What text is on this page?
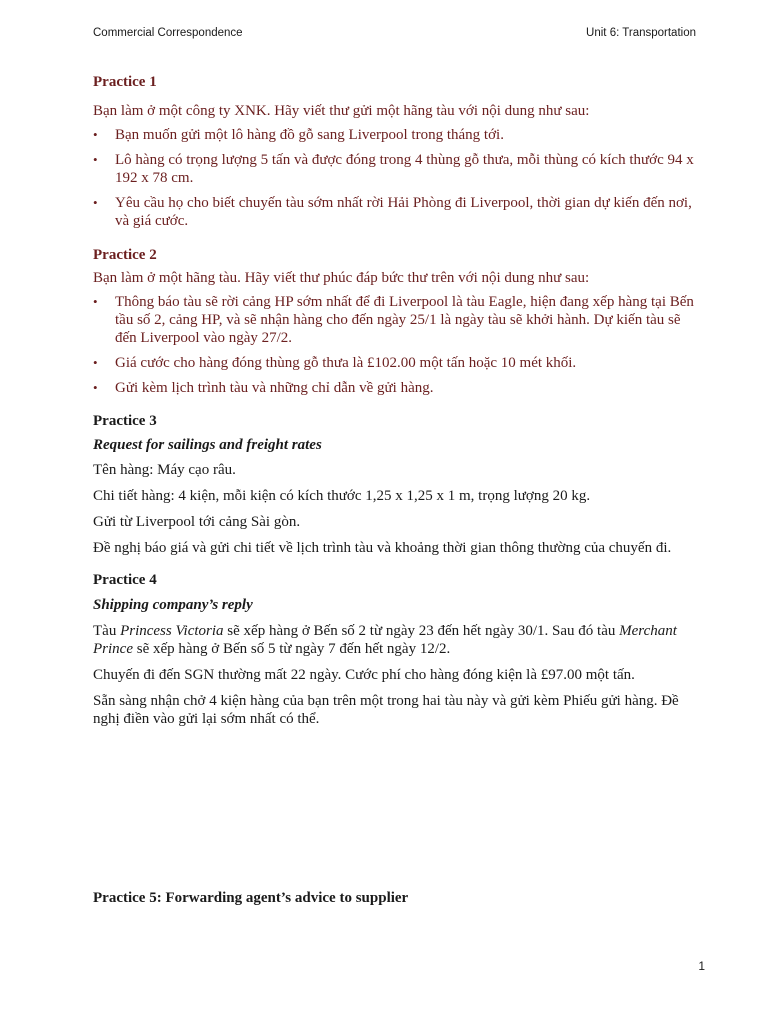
Commercial Correspondence	Unit 6: Transportation
Practice 1

Bạn làm ở một công ty XNK. Hãy viết thư gửi một hãng tàu với nội dung như sau:

• Bạn muốn gửi một lô hàng đồ gỗ sang Liverpool trong tháng tới.
• Lô hàng có trọng lượng 5 tấn và được đóng trong 4 thùng gỗ thưa, mỗi thùng có kích thước 94 x 192 x 78 cm.
• Yêu cầu họ cho biết chuyến tàu sớm nhất rời Hải Phòng đi Liverpool, thời gian dự kiến đến nơi, và giá cước.
Practice 2

Bạn làm ở một hãng tàu. Hãy viết thư phúc đáp bức thư trên với nội dung như sau:

• Thông báo tàu sẽ rời cảng HP sớm nhất để đi Liverpool là tàu Eagle, hiện đang xếp hàng tại Bến tầu số 2, cảng HP, và sẽ nhận hàng cho đến ngày 25/1 là ngày tàu sẽ khởi hành. Dự kiến tàu sẽ đến Liverpool vào ngày 27/2.
• Giá cước cho hàng đóng thùng gỗ thưa là £102.00 một tấn hoặc 10 mét khối.
• Gửi kèm lịch trình tàu và những chỉ dẫn về gửi hàng.
Practice 3

Request for sailings and freight rates

Tên hàng: Máy cạo râu.

Chi tiết hàng: 4 kiện, mỗi kiện có kích thước 1,25 x 1,25 x 1 m, trọng lượng 20 kg.

Gửi từ Liverpool tới cảng Sài gòn.

Đề nghị báo giá và gửi chi tiết về lịch trình tàu và khoảng thời gian thông thường của chuyến đi.

Practice 4

Shipping company’s reply

Tàu Princess Victoria sẽ xếp hàng ở Bến số 2 từ ngày 23 đến hết ngày 30/1. Sau đó tàu Merchant Prince sẽ xếp hàng ở Bến số 5 từ ngày 7 đến hết ngày 12/2.

Chuyến đi đến SGN thường mất 22 ngày. Cước phí cho hàng đóng kiện là £97.00 một tấn.

Sẵn sàng nhận chở 4 kiện hàng của bạn trên một trong hai tàu này và gửi kèm Phiếu gửi hàng. Đề nghị điền vào gửi lại sớm nhất có thể.

Practice 5: Forwarding agent’s advice to supplier
1
